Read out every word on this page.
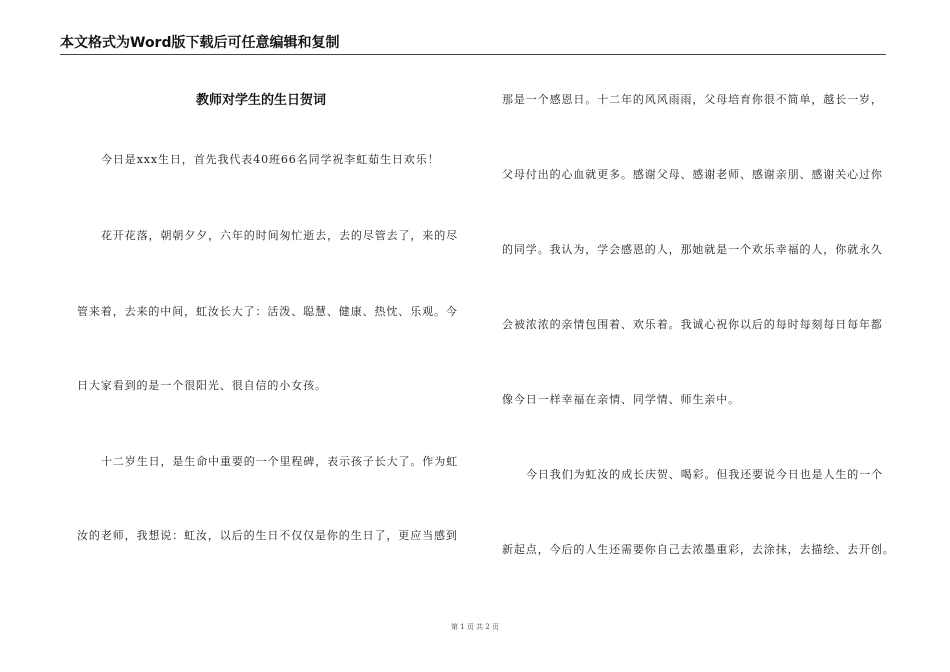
本文格式为Word版下载后可任意编辑和复制
教师对学生的生日贺词
今日是xxx生日，首先我代表40班66名同学祝李虹茹生日欢乐！
花开花落，朝朝夕夕，六年的时间匆忙逝去，去的尽管去了，来的尽
管来着，去来的中间，虹汝长大了：活泼、聪慧、健康、热忱、乐观。今
日大家看到的是一个很阳光、很自信的小女孩。
十二岁生日，是生命中重要的一个里程碑，表示孩子长大了。作为虹
汝的老师，我想说：虹汝，以后的生日不仅仅是你的生日了，更应当感到
那是一个感恩日。十二年的风风雨雨，父母培育你很不简单，越长一岁，
父母付出的心血就更多。感谢父母、感谢老师、感谢亲朋、感谢关心过你
的同学。我认为，学会感恩的人，那她就是一个欢乐幸福的人，你就永久
会被浓浓的亲情包围着、欢乐着。我诚心祝你以后的每时每刻每日每年都
像今日一样幸福在亲情、同学情、师生亲中。
今日我们为虹汝的成长庆贺、喝彩。但我还要说今日也是人生的一个
新起点，今后的人生还需要你自己去浓墨重彩，去涂抹，去描绘、去开创。
第 1 页 共 2 页
